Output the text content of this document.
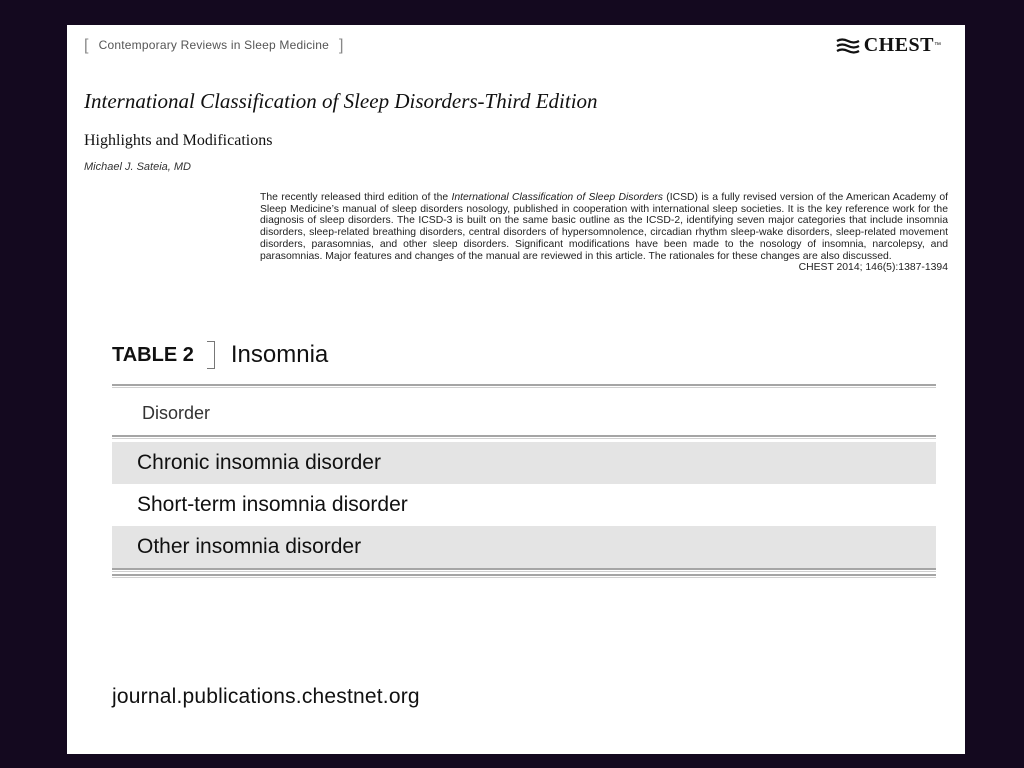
[ Contemporary Reviews in Sleep Medicine ]	CHEST ™
International Classification of Sleep Disorders-Third Edition
Highlights and Modifications
Michael J. Sateia, MD

The recently released third edition of the International Classification of Sleep Disorders (ICSD) is a fully revised version of the American Academy of Sleep Medicine’s manual of sleep disorders nosology, published in cooperation with international sleep societies. It is the key reference work for the diagnosis of sleep disorders. The ICSD-3 is built on the same basic outline as the ICSD-2, identifying seven major categories that include insomnia disorders, sleep-related breathing disorders, central disorders of hypersomnolence, circadian rhythm sleep-wake disorders, sleep-related movement disorders, parasomnias, and other sleep disorders. Significant modifications have been made to the nosology of insomnia, narcolepsy, and parasomnias. Major features and changes of the manual are reviewed in this article. The rationales for these changes are also discussed.
CHEST 2014; 146(5):1387-1394

TABLE 2 Insomnia
Disorder
Chronic insomnia disorder
Short-term insomnia disorder
Other insomnia disorder
journal.publications.chestnet.org
